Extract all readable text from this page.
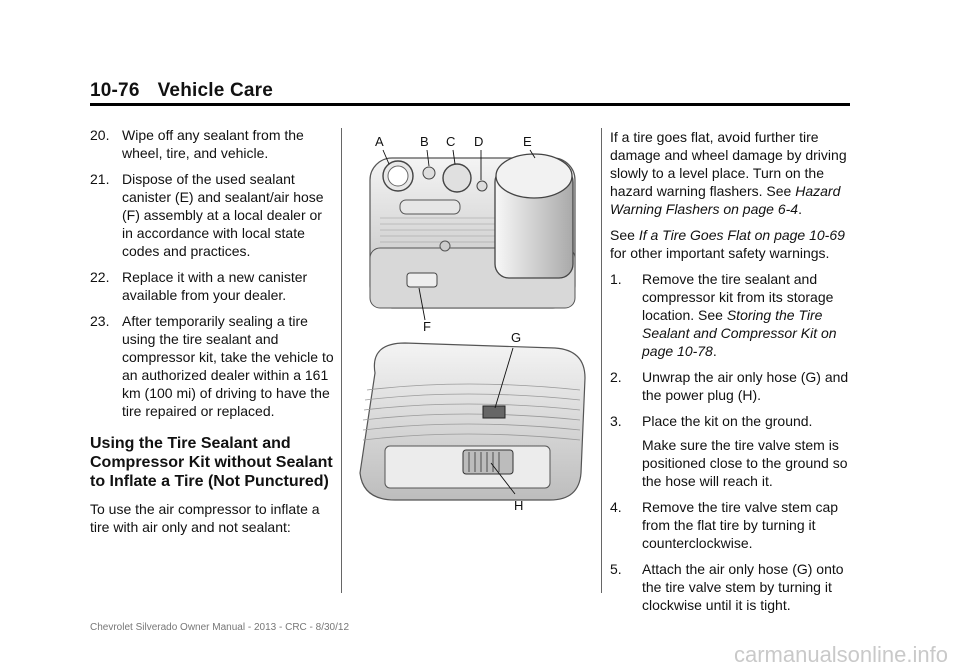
10-76 Vehicle Care
20. Wipe off any sealant from the wheel, tire, and vehicle.
21. Dispose of the used sealant canister (E) and sealant/air hose (F) assembly at a local dealer or in accordance with local state codes and practices.
22. Replace it with a new canister available from your dealer.
23. After temporarily sealing a tire using the tire sealant and compressor kit, take the vehicle to an authorized dealer within a 161 km (100 mi) of driving to have the tire repaired or replaced.
Using the Tire Sealant and Compressor Kit without Sealant to Inflate a Tire (Not Punctured)
To use the air compressor to inflate a tire with air only and not sealant:
A	B C D	E
F
G
H
If a tire goes flat, avoid further tire damage and wheel damage by driving slowly to a level place. Turn on the hazard warning flashers. See Hazard Warning Flashers on page 6-4.
See If a Tire Goes Flat on page 10-69 for other important safety warnings.
1.	Remove the tire sealant and compressor kit from its storage location. See Storing the Tire Sealant and Compressor Kit on page 10-78.
2.	Unwrap the air only hose (G) and the power plug (H).
3.	Place the kit on the ground.
Make sure the tire valve stem is positioned close to the ground so the hose will reach it.
4.	Remove the tire valve stem cap from the flat tire by turning it counterclockwise.
5.	Attach the air only hose (G) onto the tire valve stem by turning it clockwise until it is tight.
Chevrolet Silverado Owner Manual - 2013 - CRC - 8/30/12
carmanualsonline.info
